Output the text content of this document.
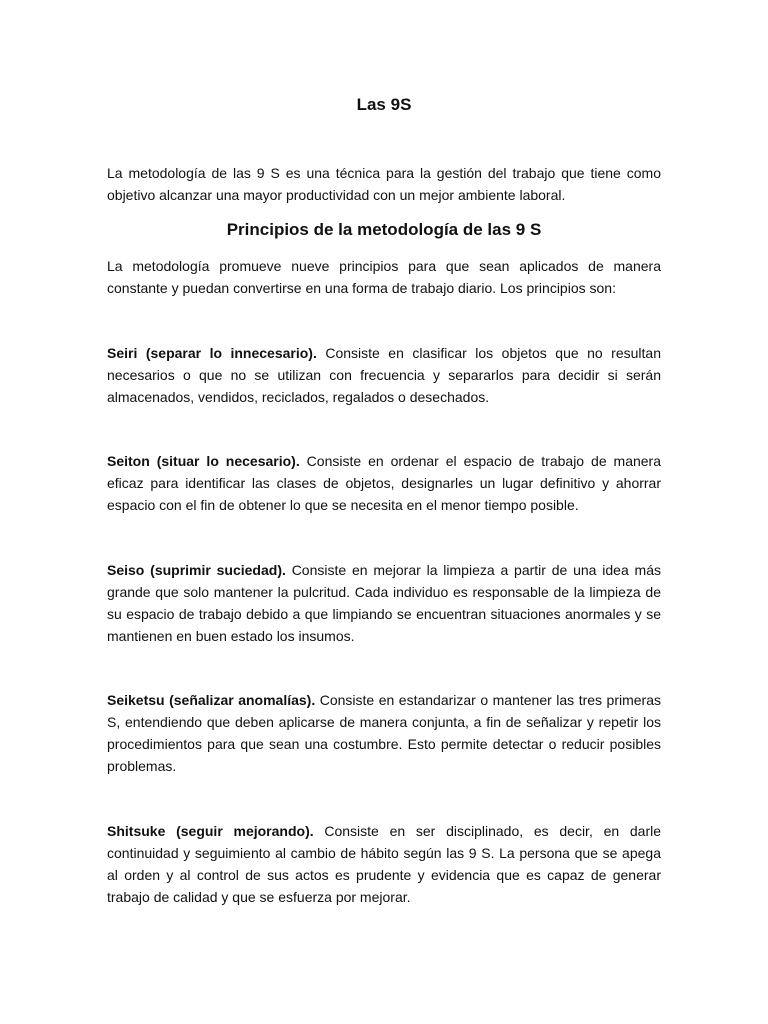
Las 9S

La metodología de las 9 S es una técnica para la gestión del trabajo que tiene como objetivo alcanzar una mayor productividad con un mejor ambiente laboral.

Principios de la metodología de las 9 S

La metodología promueve nueve principios para que sean aplicados de manera constante y puedan convertirse en una forma de trabajo diario. Los principios son:

Seiri (separar lo innecesario). Consiste en clasificar los objetos que no resultan necesarios o que no se utilizan con frecuencia y separarlos para decidir si serán almacenados, vendidos, reciclados, regalados o desechados.

Seiton (situar lo necesario). Consiste en ordenar el espacio de trabajo de manera eficaz para identificar las clases de objetos, designarles un lugar definitivo y ahorrar espacio con el fin de obtener lo que se necesita en el menor tiempo posible.

Seiso (suprimir suciedad). Consiste en mejorar la limpieza a partir de una idea más grande que solo mantener la pulcritud. Cada individuo es responsable de la limpieza de su espacio de trabajo debido a que limpiando se encuentran situaciones anormales y se mantienen en buen estado los insumos.

Seiketsu (señalizar anomalías). Consiste en estandarizar o mantener las tres primeras S, entendiendo que deben aplicarse de manera conjunta, a fin de señalizar y repetir los procedimientos para que sean una costumbre. Esto permite detectar o reducir posibles problemas.

Shitsuke (seguir mejorando). Consiste en ser disciplinado, es decir, en darle continuidad y seguimiento al cambio de hábito según las 9 S. La persona que se apega al orden y al control de sus actos es prudente y evidencia que es capaz de generar trabajo de calidad y que se esfuerza por mejorar.
